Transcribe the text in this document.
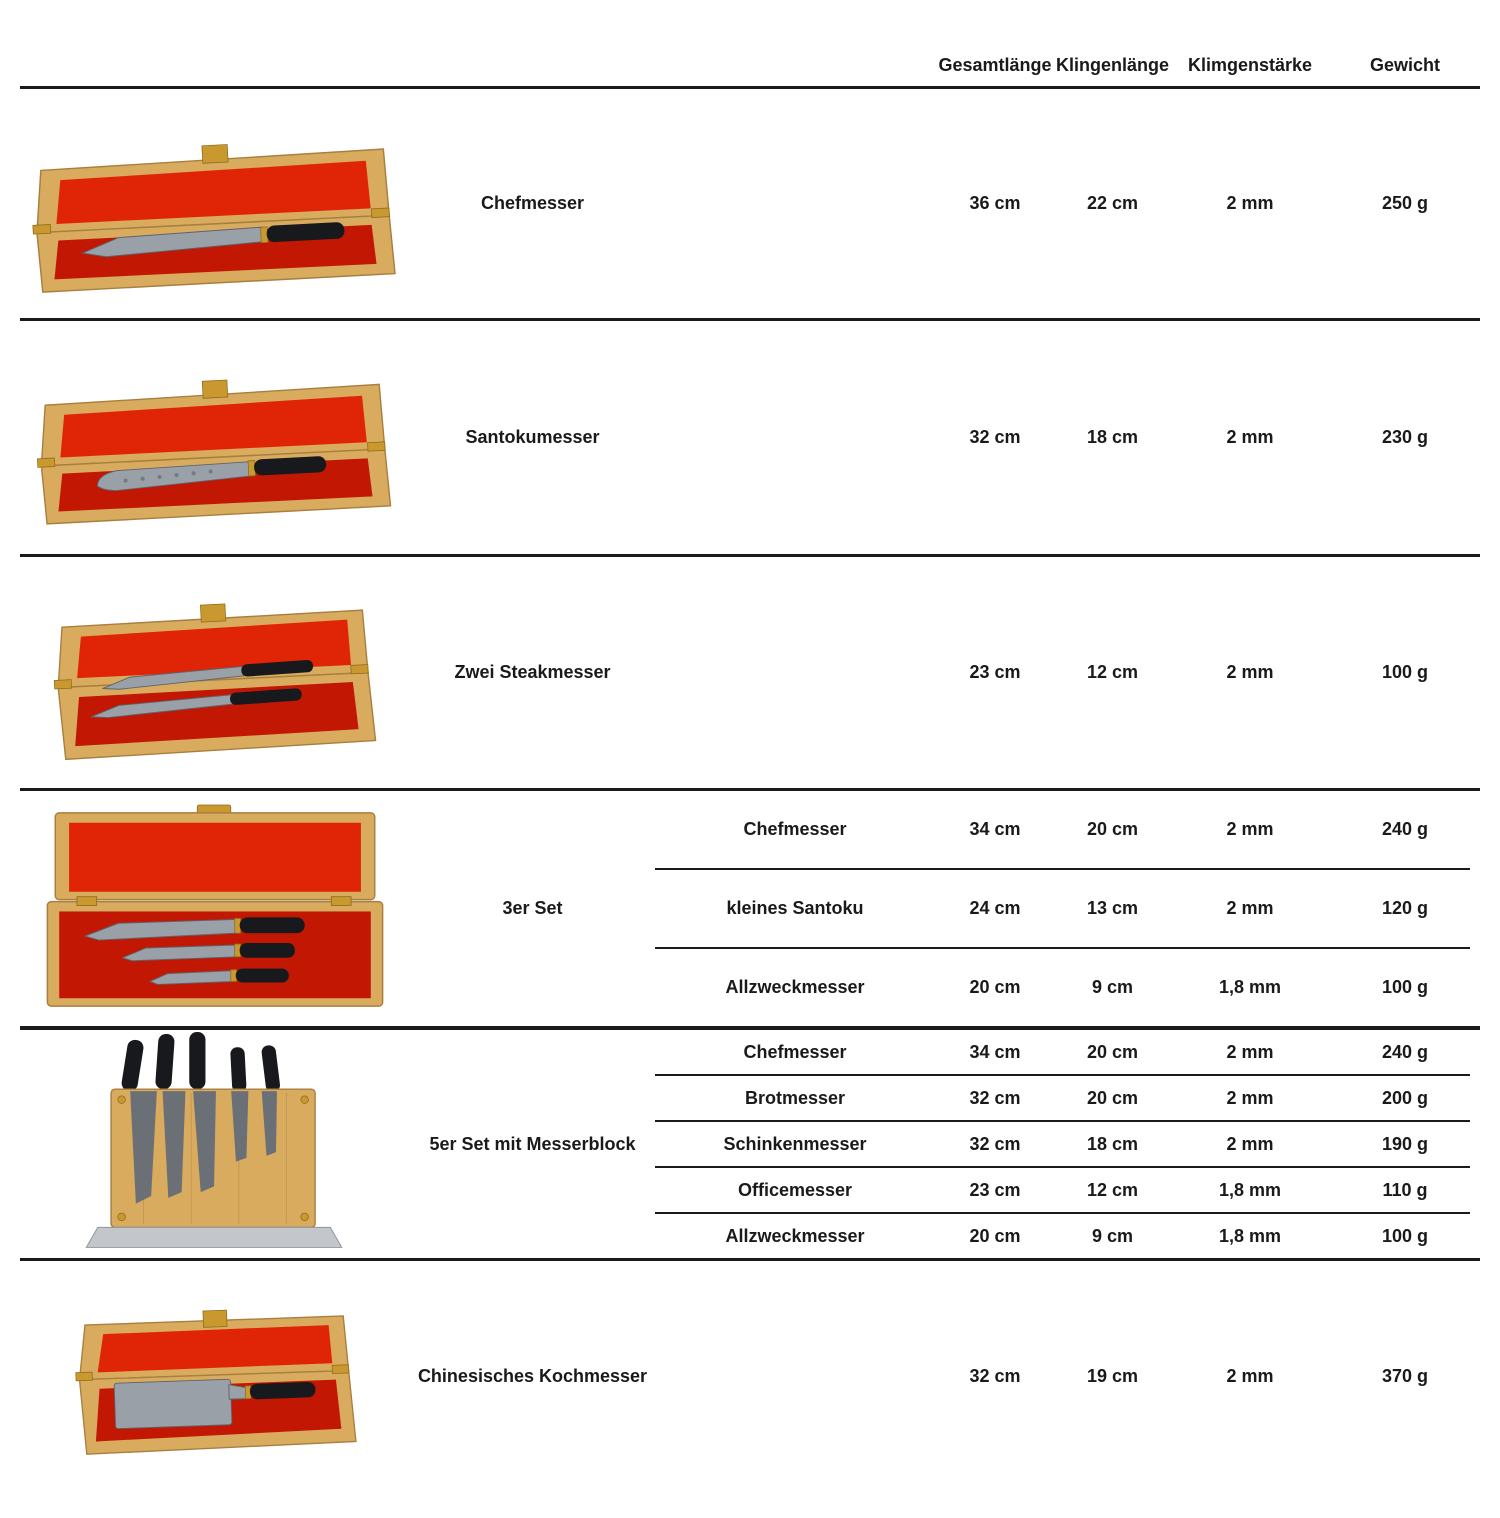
Gesamtlänge Klingenlänge	Klimgenstärke	Gewicht
Chefmesser	36 cm	22 cm	2 mm	250 g
Santokumesser	32 cm	18 cm	2 mm	230 g
Zwei Steakmesser	23 cm	12 cm	2 mm	100 g
3er Set
Chefmesser	34 cm	20 cm	2 mm	240 g
kleines Santoku	24 cm	13 cm	2 mm	120 g
Allzweckmesser	20 cm	9 cm	1,8 mm	100 g
5er Set mit Messerblock
Chefmesser	34 cm	20 cm	2 mm	240 g
Brotmesser	32 cm	20 cm	2 mm	200 g
Schinkenmesser	32 cm	18 cm	2 mm	190 g
Officemesser	23 cm	12 cm	1,8 mm	110 g
Allzweckmesser	20 cm	9 cm	1,8 mm	100 g
Chinesisches Kochmesser	32 cm	19 cm	2 mm	370 g
